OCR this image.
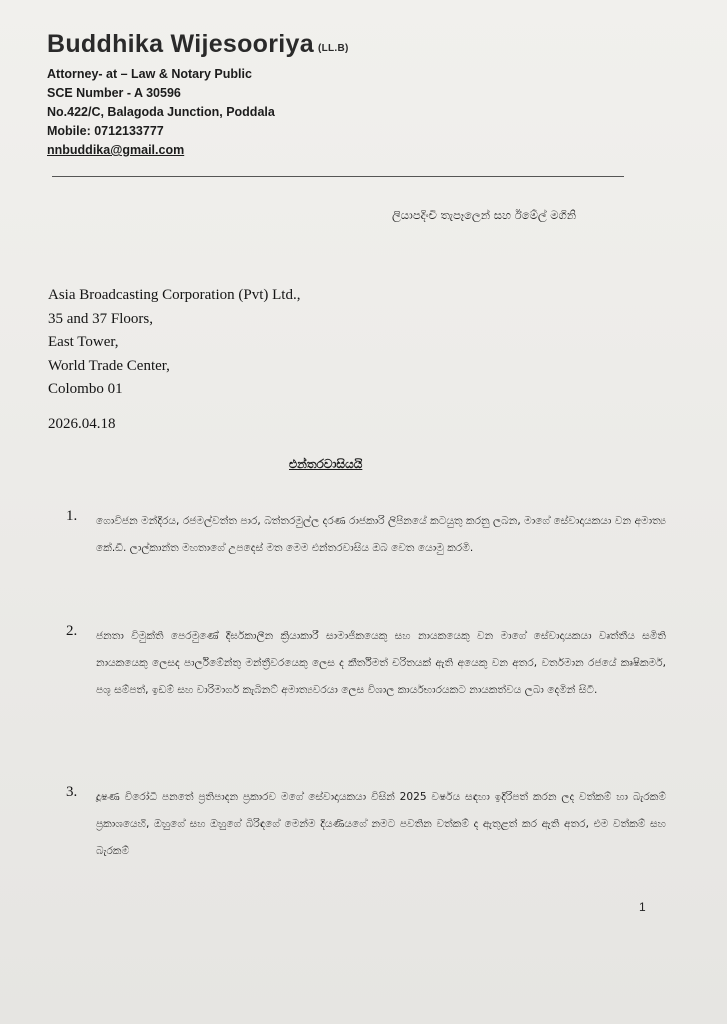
Buddhika Wijesooriya (LL.B)
Attorney- at – Law & Notary Public
SCE Number - A 30596
No.422/C, Balagoda Junction, Poddala
Mobile: 0712133777
nnbuddika@gmail.com
ලියාපදිංචි තැපෑලෙන් සහ ඊමේල් මගිනි
Asia Broadcasting Corporation (Pvt) Ltd.,
35 and 37 Floors,
East Tower,
World Trade Center,
Colombo 01
2026.04.18
එන්තරවාසියයි
1. ගොවිජන මන්දිරය, රජමල්වත්ත පාර, බත්තරමුල්ල දරණ රාජකාරි ලිපිනයේ කටයුතු කරනු ලබන, මාගේ සේවාදායකයා වන අමාත්‍ය කේ.ඩී. ලාල්කාන්ත මහතාගේ උපදෙස් මත මෙම එන්තරවාසිය ඔබ වෙත යොමු කරමි.
2. ජනතා විමුක්ති පෙරමුණේ දීර්ඝකාලීන ක්‍රියාකාරී සාමාජිකයෙකු සහ නායකයෙකු වන මාගේ සේවාදායකයා වෘත්තීය සමිති නායකයෙකු ලෙසද පාර්ලිමේන්තු මන්ත්‍රීවරයෙකු ලෙස ද කීර්තිමත් චරිතයක් ඇති අයෙකු වන අතර, වර්තමාන රජයේ කෘෂිකර්ම, පශු සම්පත්, ඉඩම් සහ වාරිමාර්ග කැබිනට් අමාත්‍යවරයා ලෙස විශාල කාර්යභාරයකට නායකත්වය ලබා දෙමින් සිටී.
3. දූෂණ විරෝධී පනතේ ප්‍රතිපාදන ප්‍රකාරව මගේ සේවාදායකයා විසින් 2025 වර්ෂය සඳහා ඉදිරිපත් කරන ලද වත්කම් හා බැරකම් ප්‍රකාශයෙහි, ඔහුගේ සහ ඔහුගේ බිරිඳගේ මෙන්ම දියණියගේ නමට පවතින වත්කම් ද ඇතුළත් කර ඇති අතර, එම වත්කම් සහ බැරකම්
1
